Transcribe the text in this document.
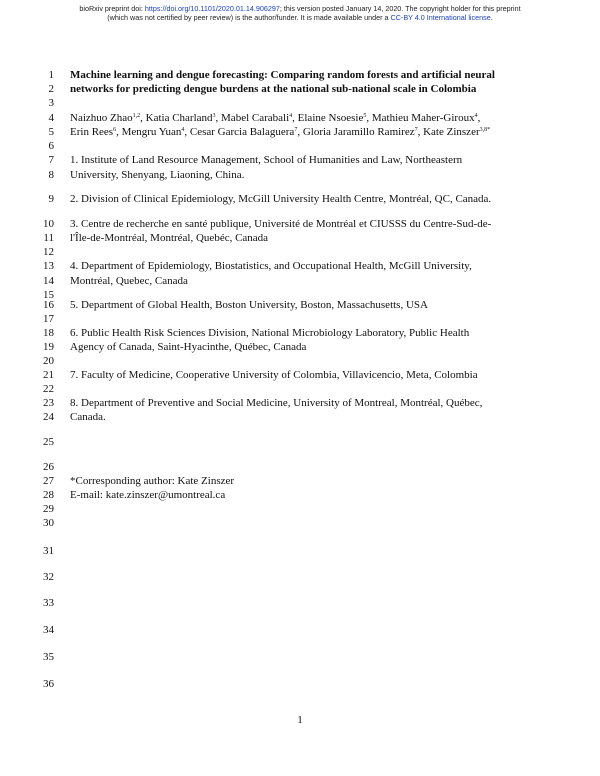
bioRxiv preprint doi: https://doi.org/10.1101/2020.01.14.906297; this version posted January 14, 2020. The copyright holder for this preprint
(which was not certified by peer review) is the author/funder. It is made available under a CC-BY 4.0 International license.
1
2
3
4
5
6
7
8
9
10
11
12
13
14
15
16
17
18
19
20
21
22
23
24
25
26
27
28
29
30
31
32
33
34
35
36
Machine learning and dengue forecasting: Comparing random forests and artificial neural
networks for predicting dengue burdens at the national sub-national scale in Colombia
Naizhuo Zhao$^{1,2}$, Katia Charland$^3$, Mabel Carabali$^4$, Elaine Nsoesie$^5$, Mathieu Maher-Giroux$^4$,
Erin Rees$^6$, Mengru Yuan$^4$, Cesar Garcia Balaguera$^7$, Gloria Jaramillo Ramirez$^7$, Kate Zinszer$^{3,8*}$
1. Institute of Land Resource Management, School of Humanities and Law, Northeastern
University, Shenyang, Liaoning, China.
2. Division of Clinical Epidemiology, McGill University Health Centre, Montréal, QC, Canada.
3. Centre de recherche en santé publique, Université de Montréal et CIUSSS du Centre-Sud-de-
l'Île-de-Montréal, Montréal, Quebéc, Canada
4. Department of Epidemiology, Biostatistics, and Occupational Health, McGill University,
Montréal, Quebec, Canada
5. Department of Global Health, Boston University, Boston, Massachusetts, USA
6. Public Health Risk Sciences Division, National Microbiology Laboratory, Public Health
Agency of Canada, Saint-Hyacinthe, Québec, Canada
7. Faculty of Medicine, Cooperative University of Colombia, Villavicencio, Meta, Colombia
8. Department of Preventive and Social Medicine, University of Montreal, Montréal, Québec,
Canada.
*Corresponding author: Kate Zinszer
E-mail: kate.zinszer@umontreal.ca
1
